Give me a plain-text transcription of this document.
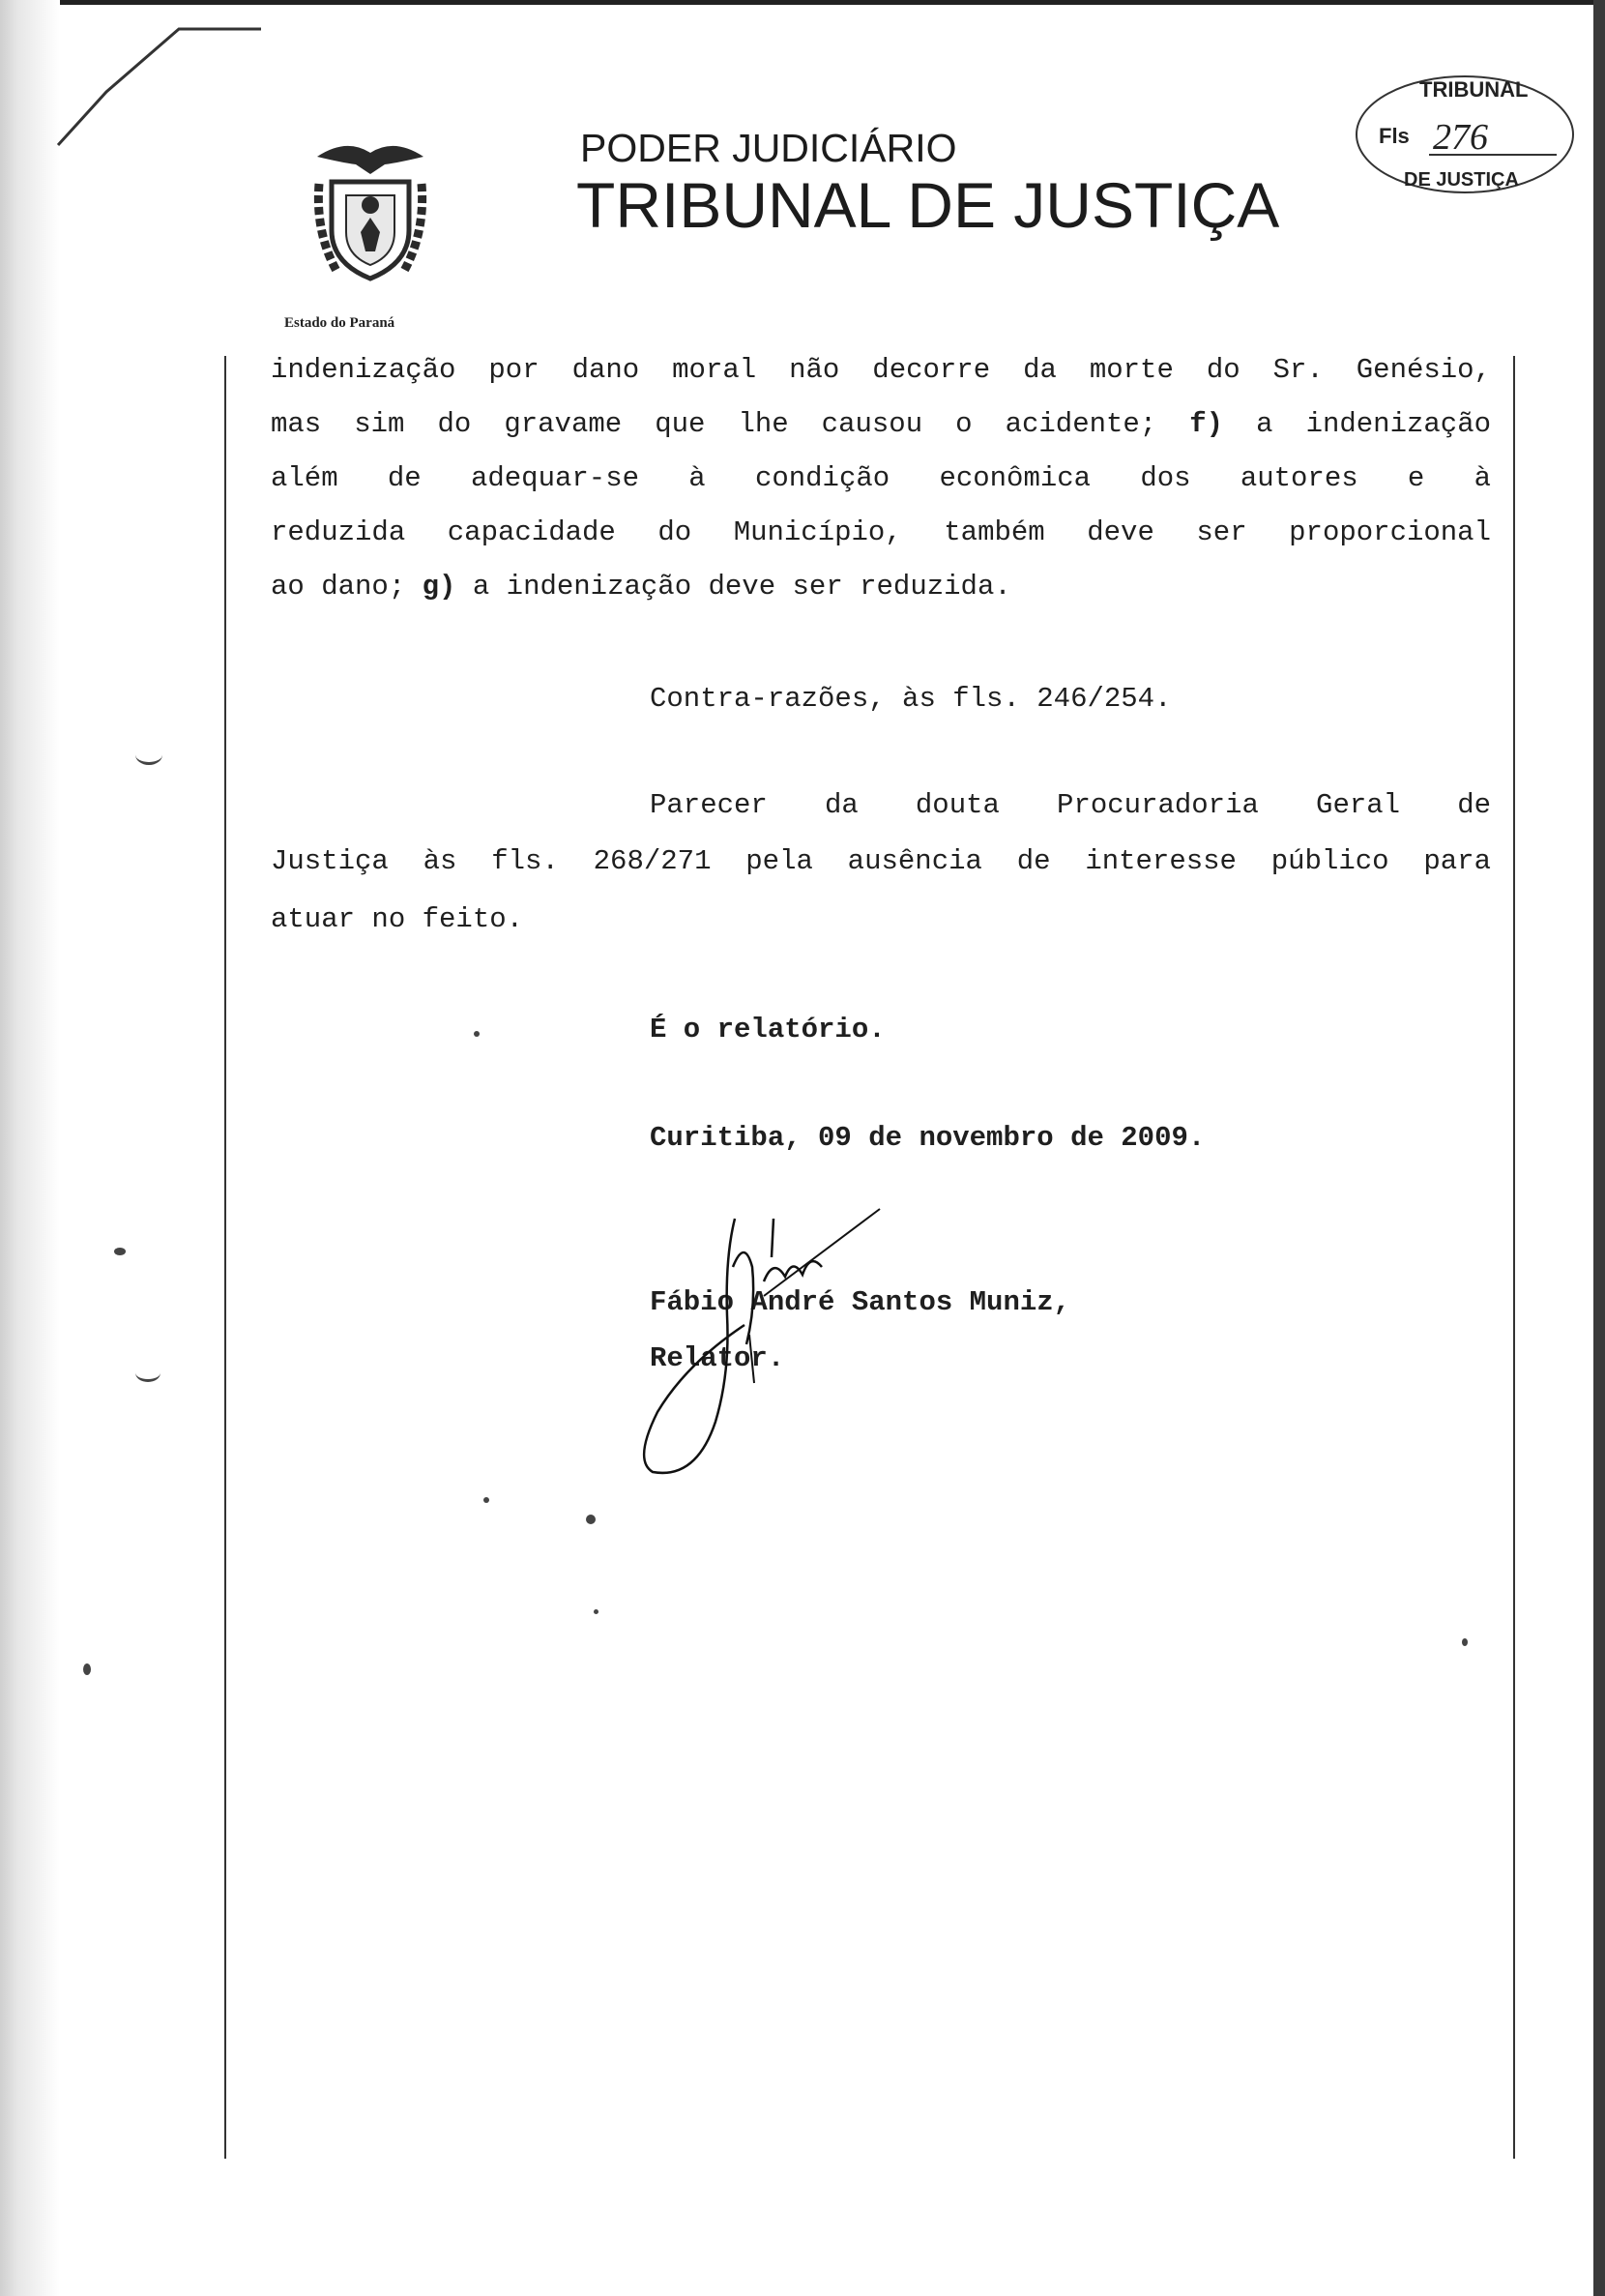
Estado do Paraná
PODER JUDICIÁRIO
TRIBUNAL DE JUSTIÇA
TRIBUNAL
Fls 276
DE JUSTIÇA
indenização por dano moral não decorre da morte do Sr. Genésio,
mas sim do gravame que lhe causou o acidente; f) a indenização
além de adequar-se à condição econômica dos autores e à
reduzida capacidade do Município, também deve ser proporcional
ao dano; g) a indenização deve ser reduzida.
Contra-razões, às fls. 246/254.
Parecer da douta Procuradoria Geral de
Justiça às fls. 268/271 pela ausência de interesse público para
atuar no feito.
É o relatório.
Curitiba, 09 de novembro de 2009.
Fábio André Santos Muniz,
Relator.
